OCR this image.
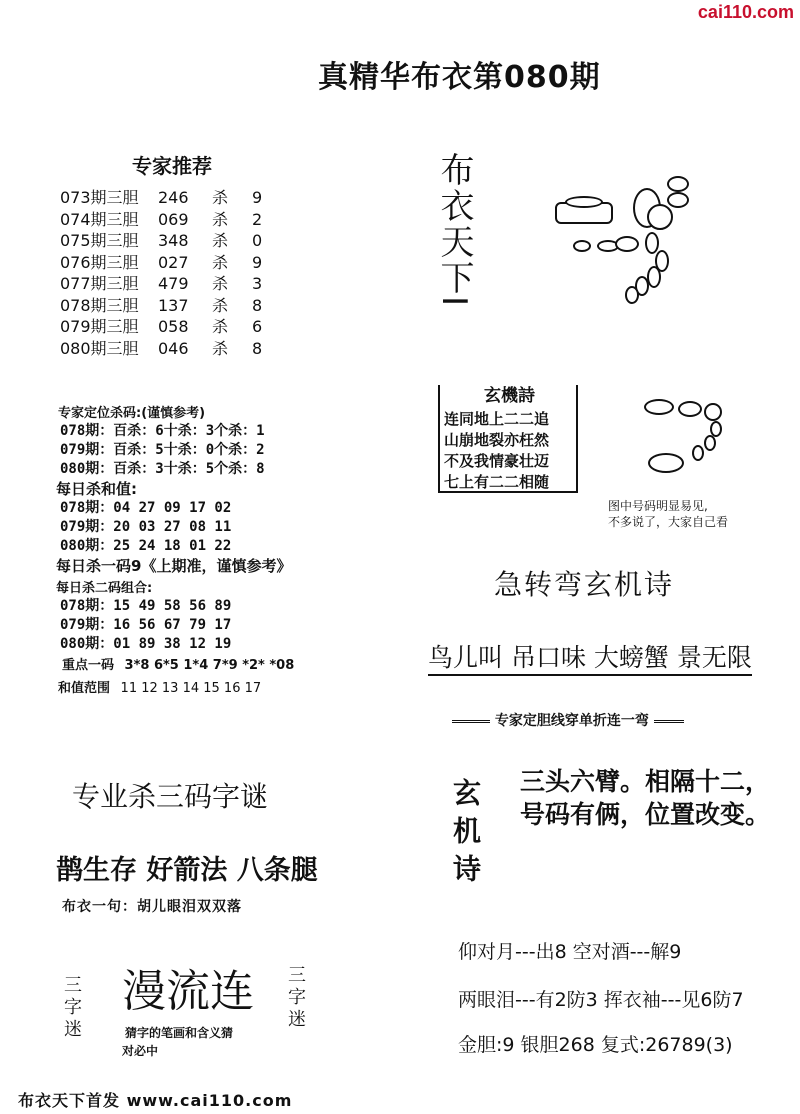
cai110.com
真精华布衣第080期
专家推荐
073期三胆 246 杀 9
074期三胆 069 杀 2
075期三胆 348 杀 0
076期三胆 027 杀 9
077期三胆 479 杀 3
078期三胆 137 杀 8
079期三胆 058 杀 6
080期三胆 046 杀 8
专家定位杀码:(谨慎参考)
078期：百杀：6十杀：3个杀：1
079期：百杀：5十杀：0个杀：2
080期：百杀：3十杀：5个杀：8
每日杀和值:
078期：04 27 09 17 02
079期：20 03 27 08 11
080期：25 24 18 01 22
每日杀一码9《上期准，谨慎参考》
每日杀二码组合:
078期：15 49 58 56 89
079期：16 56 67 79 17
080期：01 89 38 12 19
重点一码 3*8 6*5 1*4 7*9 *2* *08
和值范围 11 12 13 14 15 16 17
专业杀三码字谜
鹊生存 好箭法 八条腿
布衣一句：胡儿眼泪双双落
三字迷 漫流连 三字迷
猜字的笔画和含义猜
对必中
布衣天下首发 www.cai110.com
布衣天下I
玄機詩
连同地上二二追
山崩地裂亦枉然
不及我情豪壮迈
七上有二二相随
图中号码明显易见,
不多说了，大家自己看
急转弯玄机诗
鸟儿叫 吊口味 大螃蟹 景无限
专家定胆线穿单折连一弯
玄机诗 三头六臂。相隔十二，
号码有俩，位置改变。
仰对月---出8 空对酒---解9
两眼泪---有2防3 挥衣袖---见6防7
金胆:9 银胆268 复式:26789(3)
